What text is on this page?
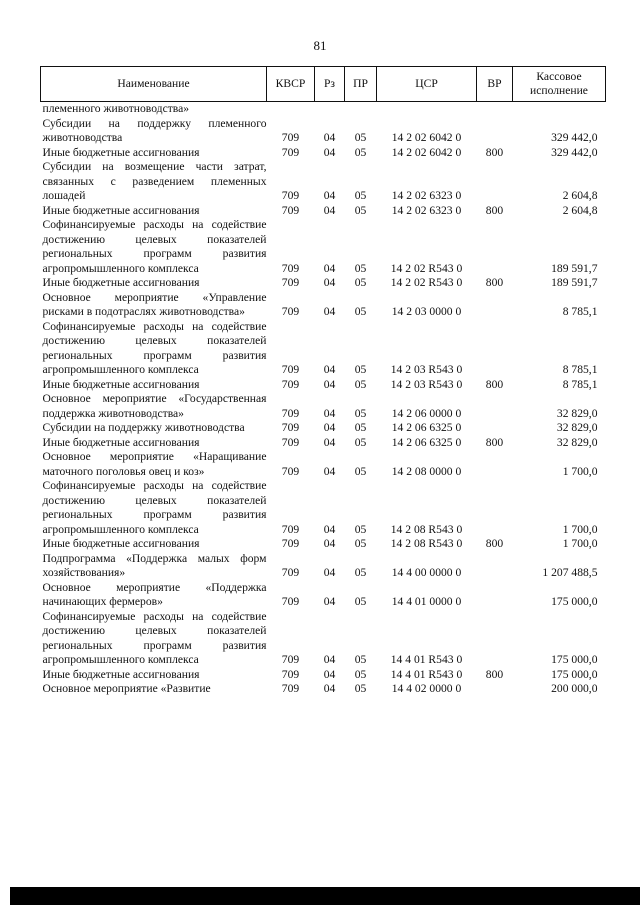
81
Наименование	КВСР	Рз	ПР	ЦСР	ВР	Кассовое
исполнение

племенного животноводства»						
Субсидии на поддержку племенного животноводства	709	04	05	14 2 02 6042 0		329 442,0
Иные бюджетные ассигнования	709	04	05	14 2 02 6042 0	800	329 442,0
Субсидии на возмещение части затрат, связанных с разведением племенных лошадей	709	04	05	14 2 02 6323 0		2 604,8
Иные бюджетные ассигнования	709	04	05	14 2 02 6323 0	800	2 604,8
Софинансируемые расходы на содействие достижению целевых показателей региональных программ развития агропромышленного комплекса	709	04	05	14 2 02 R543 0		189 591,7
Иные бюджетные ассигнования	709	04	05	14 2 02 R543 0	800	189 591,7
Основное мероприятие «Управление рисками в подотраслях животноводства»	709	04	05	14 2 03 0000 0		8 785,1
Софинансируемые расходы на содействие достижению целевых показателей региональных программ развития агропромышленного комплекса	709	04	05	14 2 03 R543 0		8 785,1
Иные бюджетные ассигнования	709	04	05	14 2 03 R543 0	800	8 785,1
Основное мероприятие «Государственная поддержка животноводства»	709	04	05	14 2 06 0000 0		32 829,0
Субсидии на поддержку животноводства	709	04	05	14 2 06 6325 0		32 829,0
Иные бюджетные ассигнования	709	04	05	14 2 06 6325 0	800	32 829,0
Основное мероприятие «Наращивание маточного поголовья овец и коз»	709	04	05	14 2 08 0000 0		1 700,0
Софинансируемые расходы на содействие достижению целевых показателей региональных программ развития агропромышленного комплекса	709	04	05	14 2 08 R543 0		1 700,0
Иные бюджетные ассигнования	709	04	05	14 2 08 R543 0	800	1 700,0
Подпрограмма «Поддержка малых форм хозяйствования»	709	04	05	14 4 00 0000 0		1 207 488,5
Основное мероприятие «Поддержка начинающих фермеров»	709	04	05	14 4 01 0000 0		175 000,0
Софинансируемые расходы на содействие достижению целевых показателей региональных программ развития агропромышленного комплекса	709	04	05	14 4 01 R543 0		175 000,0
Иные бюджетные ассигнования	709	04	05	14 4 01 R543 0	800	175 000,0
Основное мероприятие «Развитие	709	04	05	14 4 02 0000 0		200 000,0
